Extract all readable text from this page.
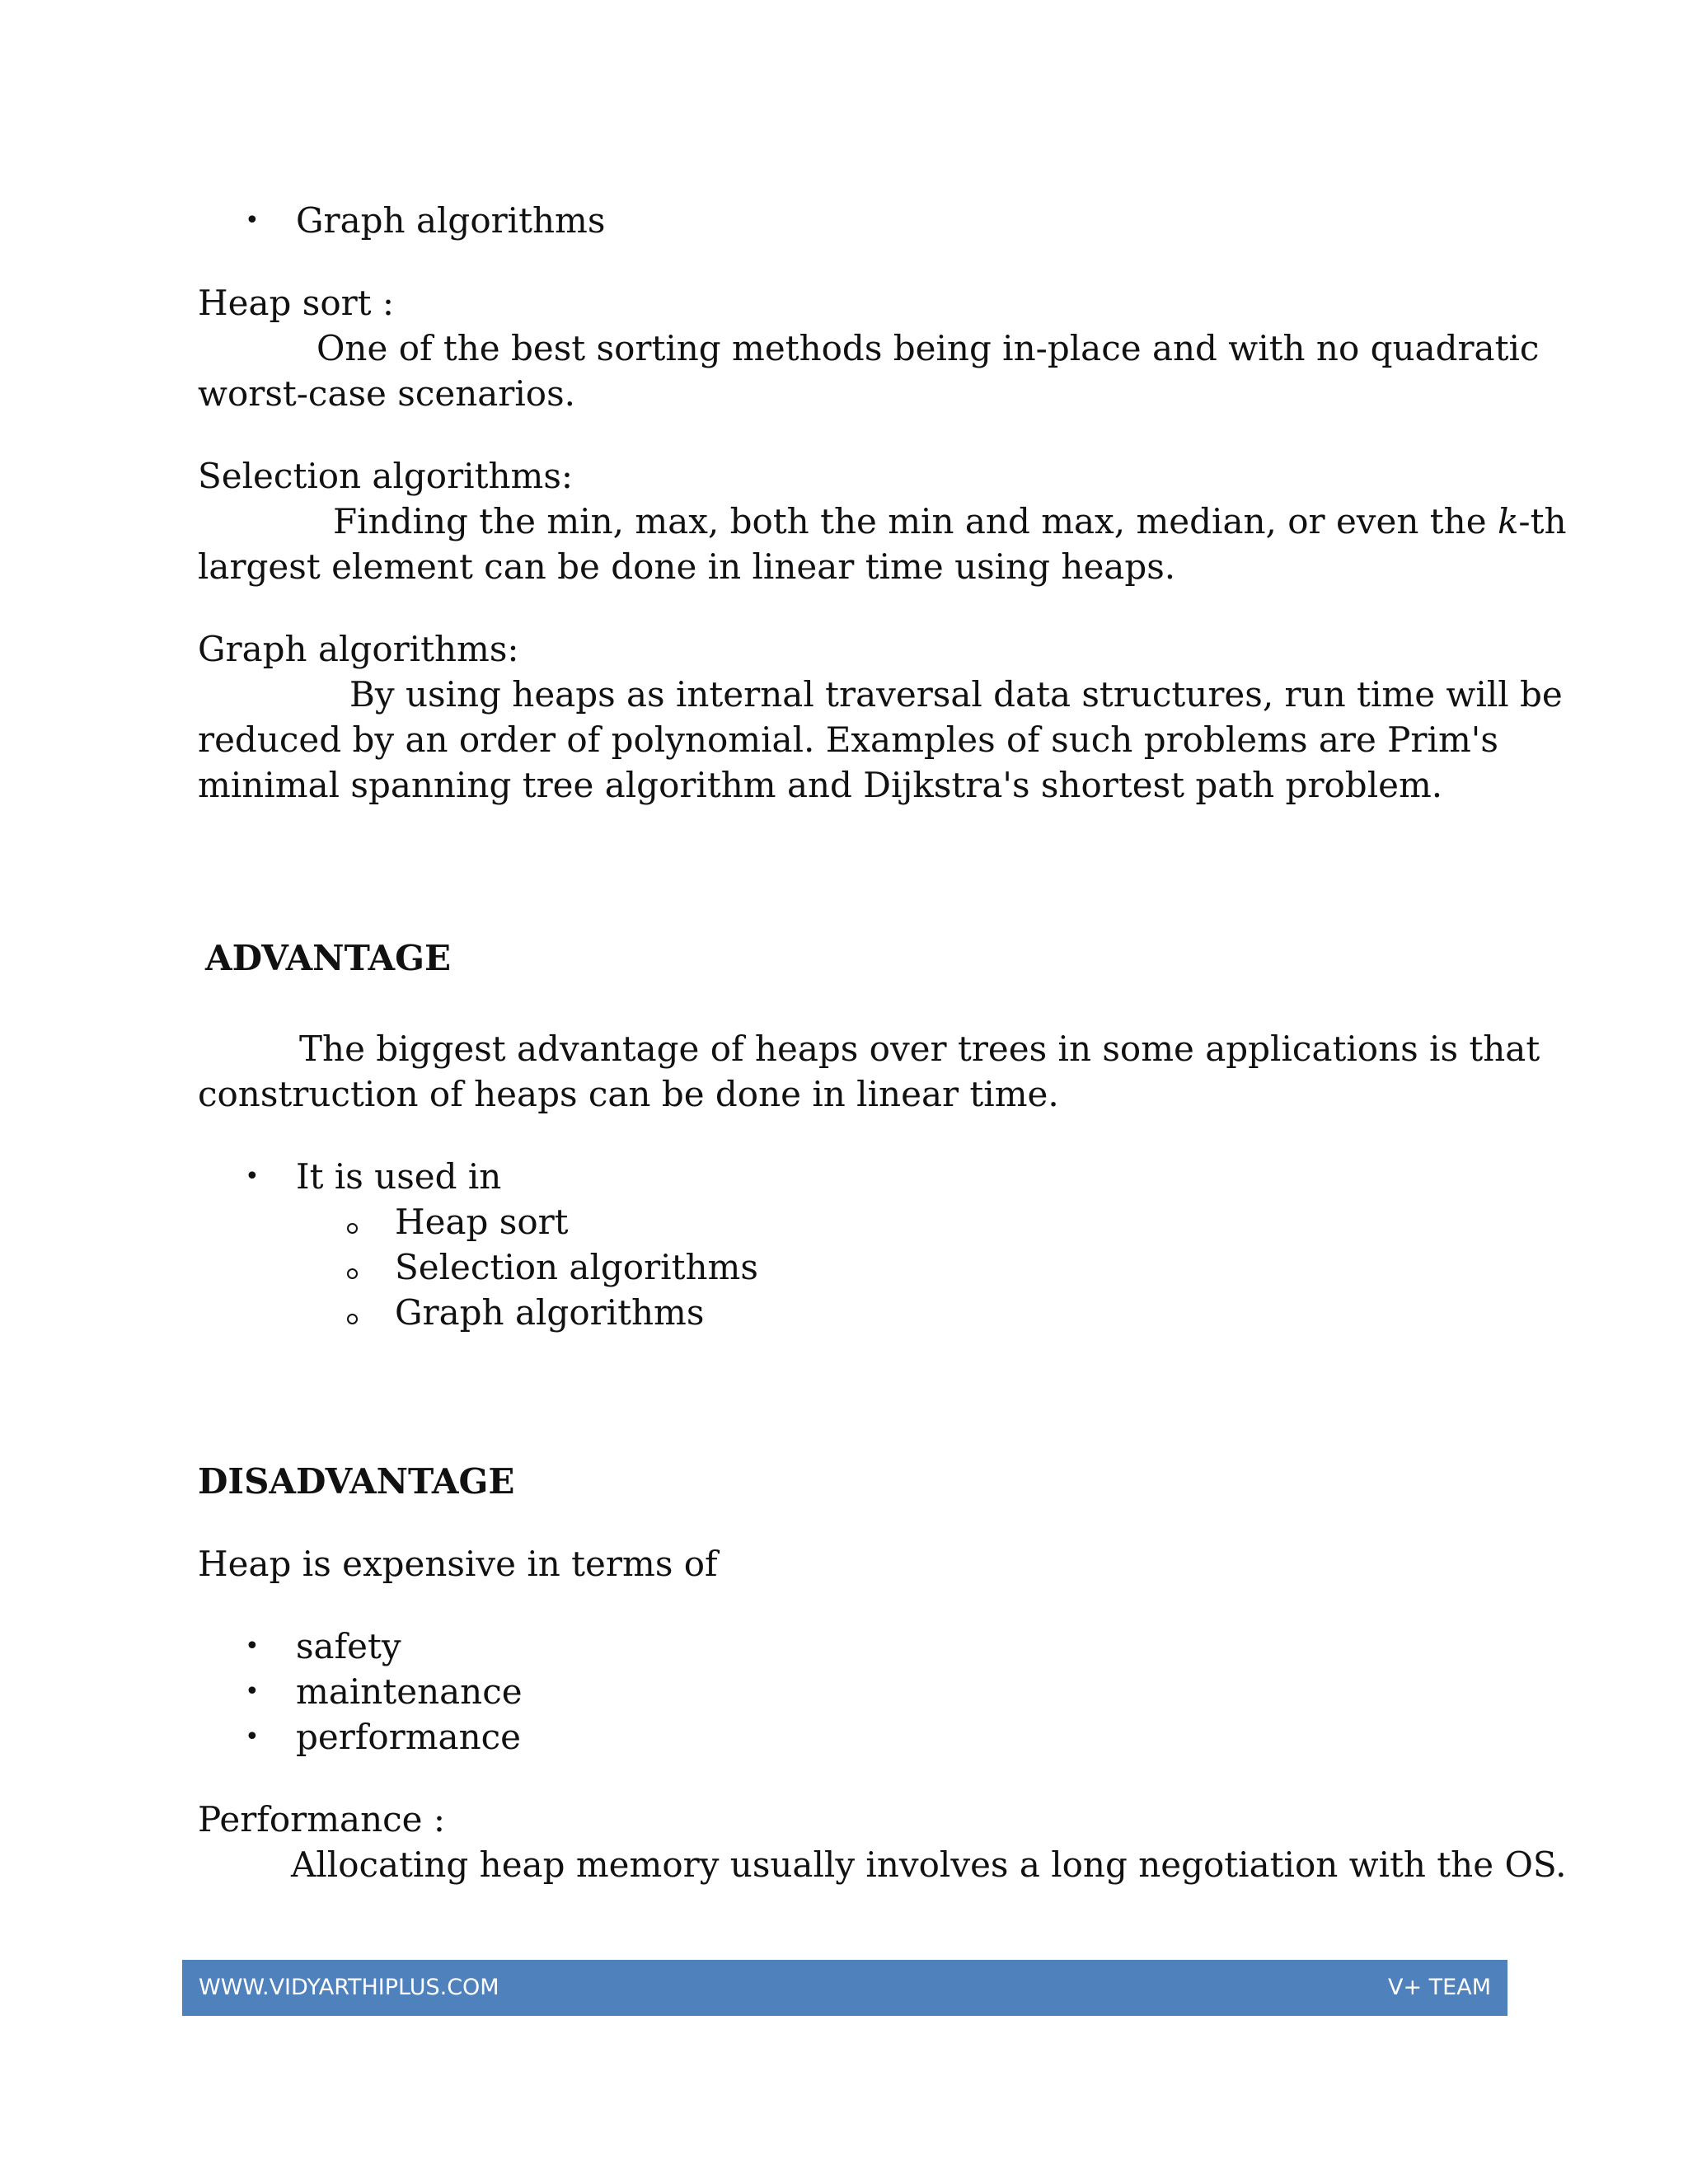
• Graph algorithms
Heap sort :
One of the best sorting methods being in-place and with no quadratic
worst-case scenarios.
Selection algorithms:
Finding the min, max, both the min and max, median, or even the k-th
largest element can be done in linear time using heaps.
Graph algorithms:
By using heaps as internal traversal data structures, run time will be
reduced by an order of polynomial. Examples of such problems are Prim's
minimal spanning tree algorithm and Dijkstra's shortest path problem.
ADVANTAGE
The biggest advantage of heaps over trees in some applications is that
construction of heaps can be done in linear time.
• It is used in
Heap sort
Selection algorithms
Graph algorithms
DISADVANTAGE
Heap is expensive in terms of
• safety
• maintenance
• performance
Performance :
Allocating heap memory usually involves a long negotiation with the OS.
WWW.VIDYARTHIPLUS.COM	V+ TEAM
